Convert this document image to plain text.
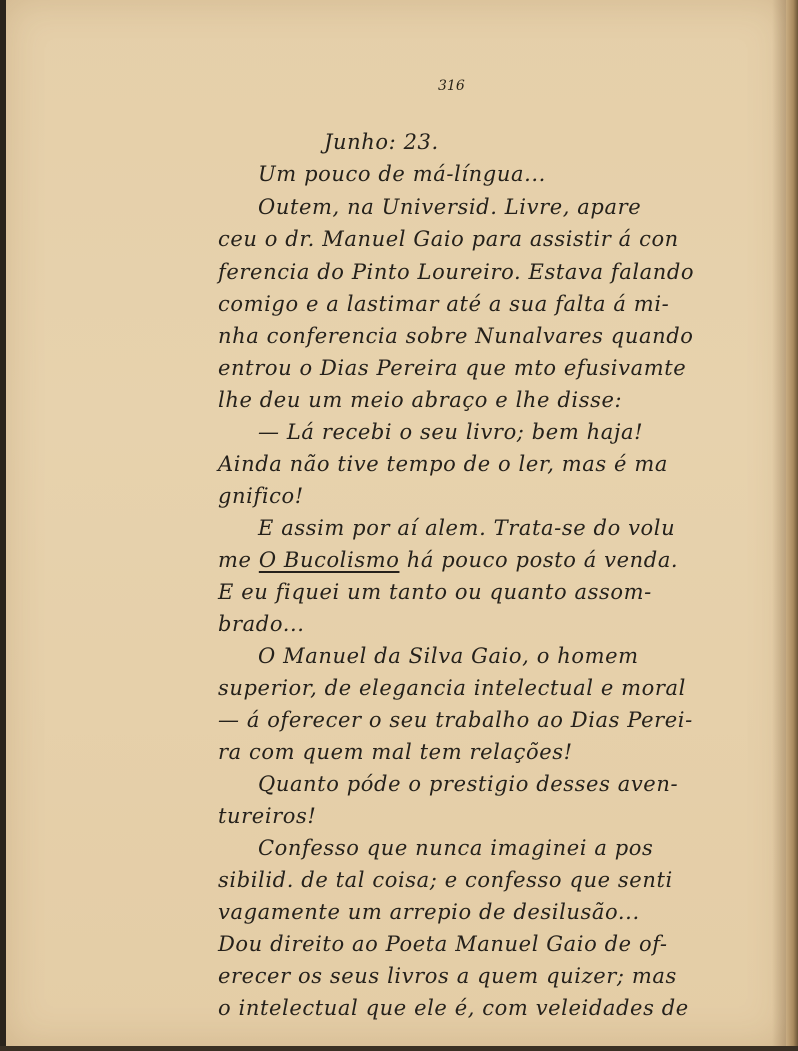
316
Junho: 23.
Um pouco de má-língua...
Outem, na Universid. Livre, apare
ceu o dr. Manuel Gaio para assistir á con
ferencia do Pinto Loureiro. Estava falando
comigo e a lastimar até a sua falta á mi-
nha conferencia sobre Nunalvares quando
entrou o Dias Pereira que mto efusivamte
lhe deu um meio abraço e lhe disse:
— Lá recebi o seu livro; bem haja!
Ainda não tive tempo de o ler, mas é ma
gnifico!
E assim por aí alem. Trata-se do volu
me O Bucolismo há pouco posto á venda.
E eu fiquei um tanto ou quanto assom-
brado...
O Manuel da Silva Gaio, o homem
superior, de elegancia intelectual e moral
— á oferecer o seu trabalho ao Dias Perei-
ra com quem mal tem relações!
Quanto póde o prestigio desses aven-
tureiros!
Confesso que nunca imaginei a pos
sibilid. de tal coisa; e confesso que senti
vagamente um arrepio de desilusão...
Dou direito ao Poeta Manuel Gaio de of-
erecer os seus livros a quem quizer; mas
o intelectual que ele é, com veleidades de
